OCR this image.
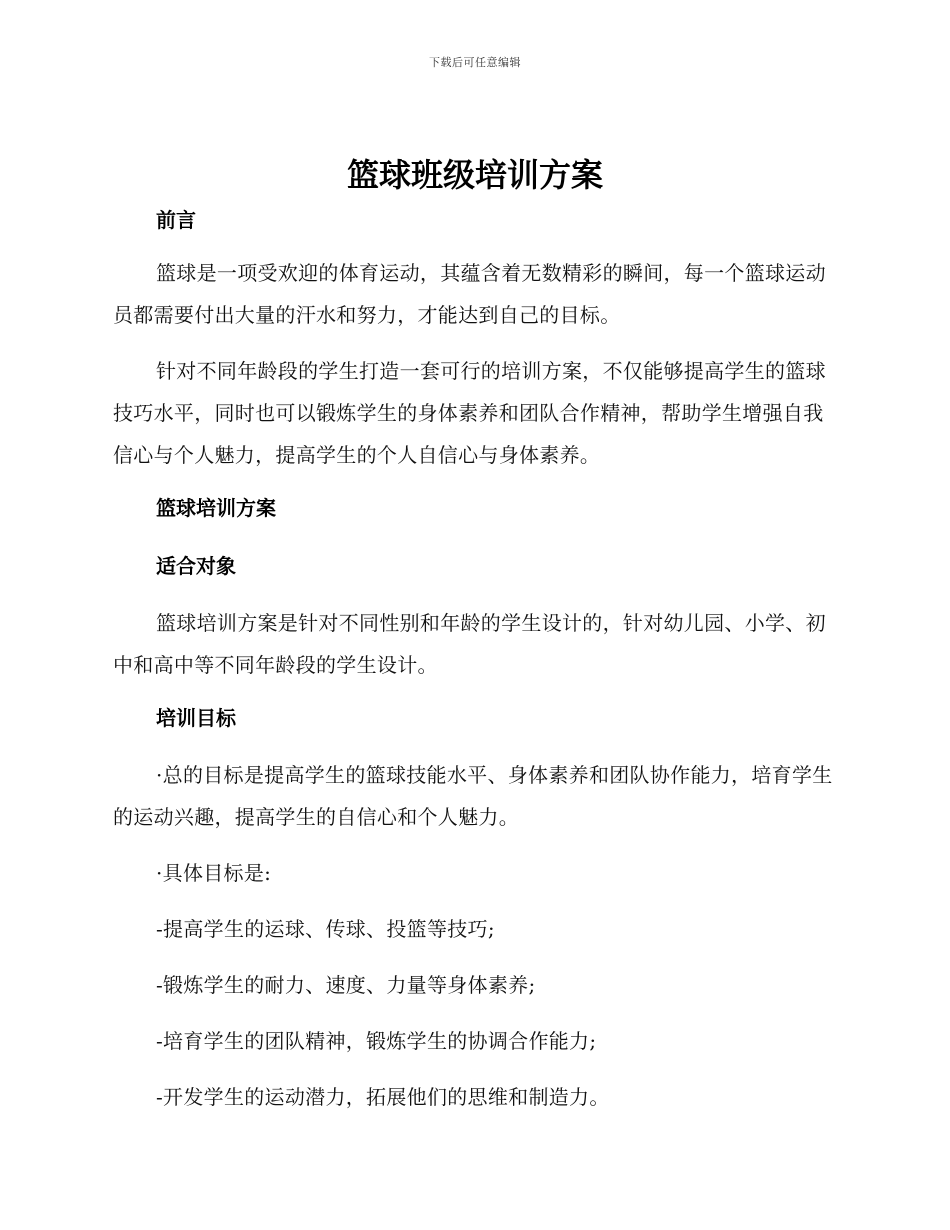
下载后可任意编辑
篮球班级培训方案

前言

篮球是一项受欢迎的体育运动，其蕴含着无数精彩的瞬间，每一个篮球运动员都需要付出大量的汗水和努力，才能达到自己的目标。

针对不同年龄段的学生打造一套可行的培训方案，不仅能够提高学生的篮球技巧水平，同时也可以锻炼学生的身体素养和团队合作精神，帮助学生增强自我信心与个人魅力，提高学生的个人自信心与身体素养。

篮球培训方案

适合对象

篮球培训方案是针对不同性别和年龄的学生设计的，针对幼儿园、小学、初中和高中等不同年龄段的学生设计。

培训目标

·总的目标是提高学生的篮球技能水平、身体素养和团队协作能力，培育学生的运动兴趣，提高学生的自信心和个人魅力。

·具体目标是:

-提高学生的运球、传球、投篮等技巧;

-锻炼学生的耐力、速度、力量等身体素养;

-培育学生的团队精神，锻炼学生的协调合作能力;

-开发学生的运动潜力，拓展他们的思维和制造力。
